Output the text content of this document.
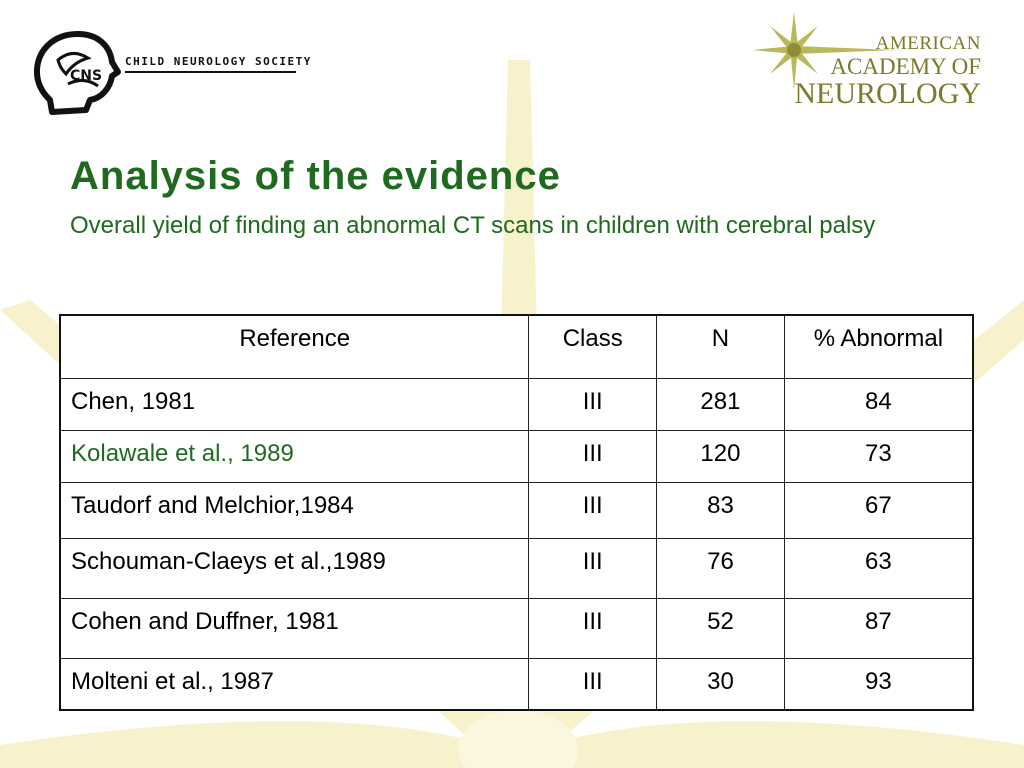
CNS
CHILD NEUROLOGY SOCIETY
AMERICAN
ACADEMY OF
NEUROLOGY
Analysis of the evidence

Overall yield of finding an abnormal CT scans in children with cerebral palsy

Reference	Class	N	% Abnormal
Chen, 1981	III	281	84
Kolawale et al., 1989	III	120	73
Taudorf and Melchior,1984	III	83	67
Schouman-Claeys et al.,1989	III	76	63
Cohen and Duffner, 1981	III	52	87
Molteni et al., 1987	III	30	93
